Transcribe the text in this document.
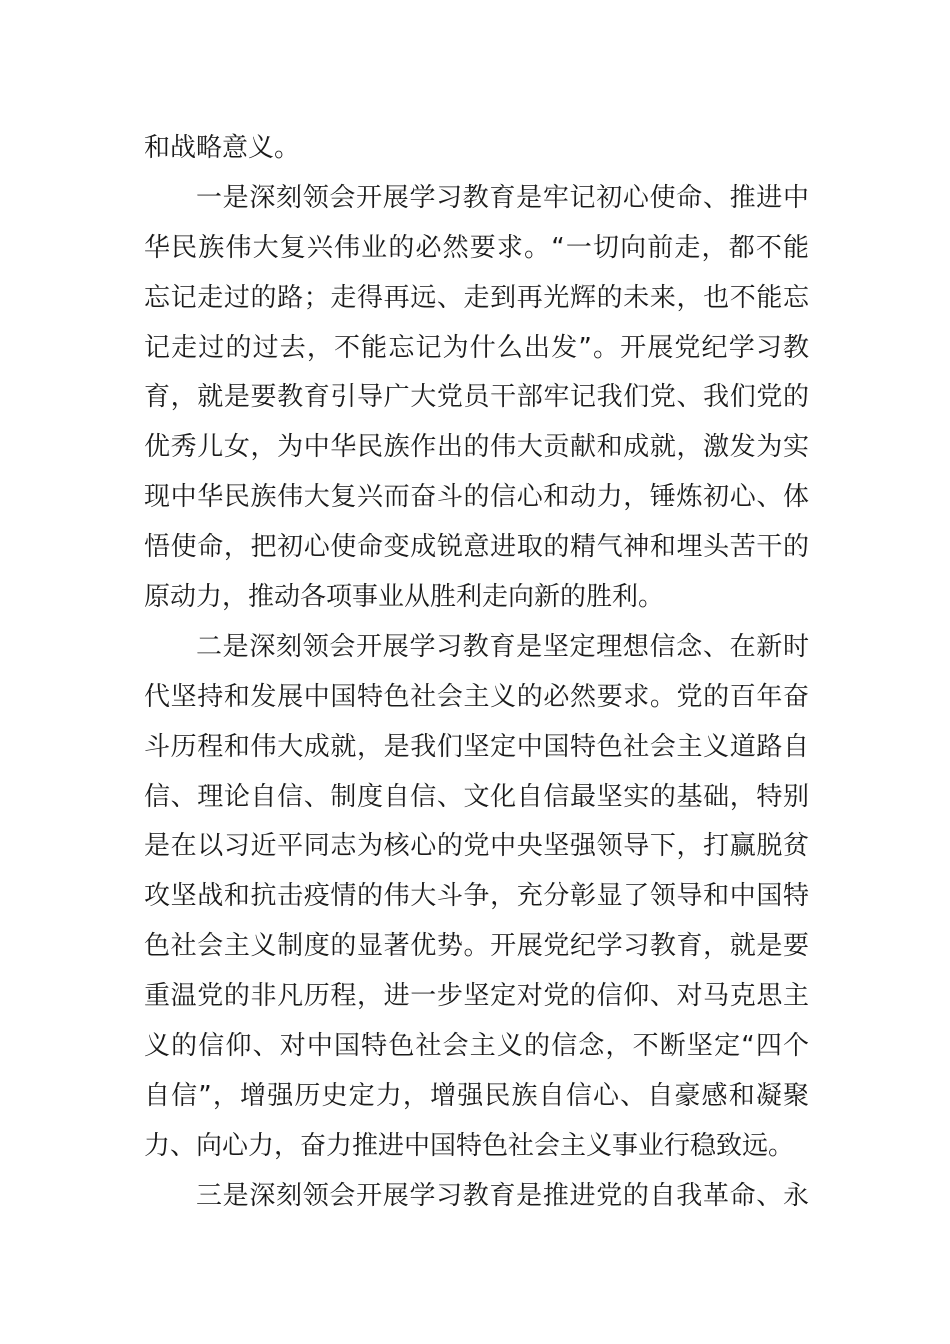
和战略意义。
一是深刻领会开展学习教育是牢记初心使命、推进中
华民族伟大复兴伟业的必然要求。“一切向前走，都不能
忘记走过的路；走得再远、走到再光辉的未来，也不能忘
记走过的过去，不能忘记为什么出发”。开展党纪学习教
育，就是要教育引导广大党员干部牢记我们党、我们党的
优秀儿女，为中华民族作出的伟大贡献和成就，激发为实
现中华民族伟大复兴而奋斗的信心和动力，锤炼初心、体
悟使命，把初心使命变成锐意进取的精气神和埋头苦干的
原动力，推动各项事业从胜利走向新的胜利。
二是深刻领会开展学习教育是坚定理想信念、在新时
代坚持和发展中国特色社会主义的必然要求。党的百年奋
斗历程和伟大成就，是我们坚定中国特色社会主义道路自
信、理论自信、制度自信、文化自信最坚实的基础，特别
是在以习近平同志为核心的党中央坚强领导下，打赢脱贫
攻坚战和抗击疫情的伟大斗争，充分彰显了领导和中国特
色社会主义制度的显著优势。开展党纪学习教育，就是要
重温党的非凡历程，进一步坚定对党的信仰、对马克思主
义的信仰、对中国特色社会主义的信念，不断坚定“四个
自信”，增强历史定力，增强民族自信心、自豪感和凝聚
力、向心力，奋力推进中国特色社会主义事业行稳致远。
三是深刻领会开展学习教育是推进党的自我革命、永
